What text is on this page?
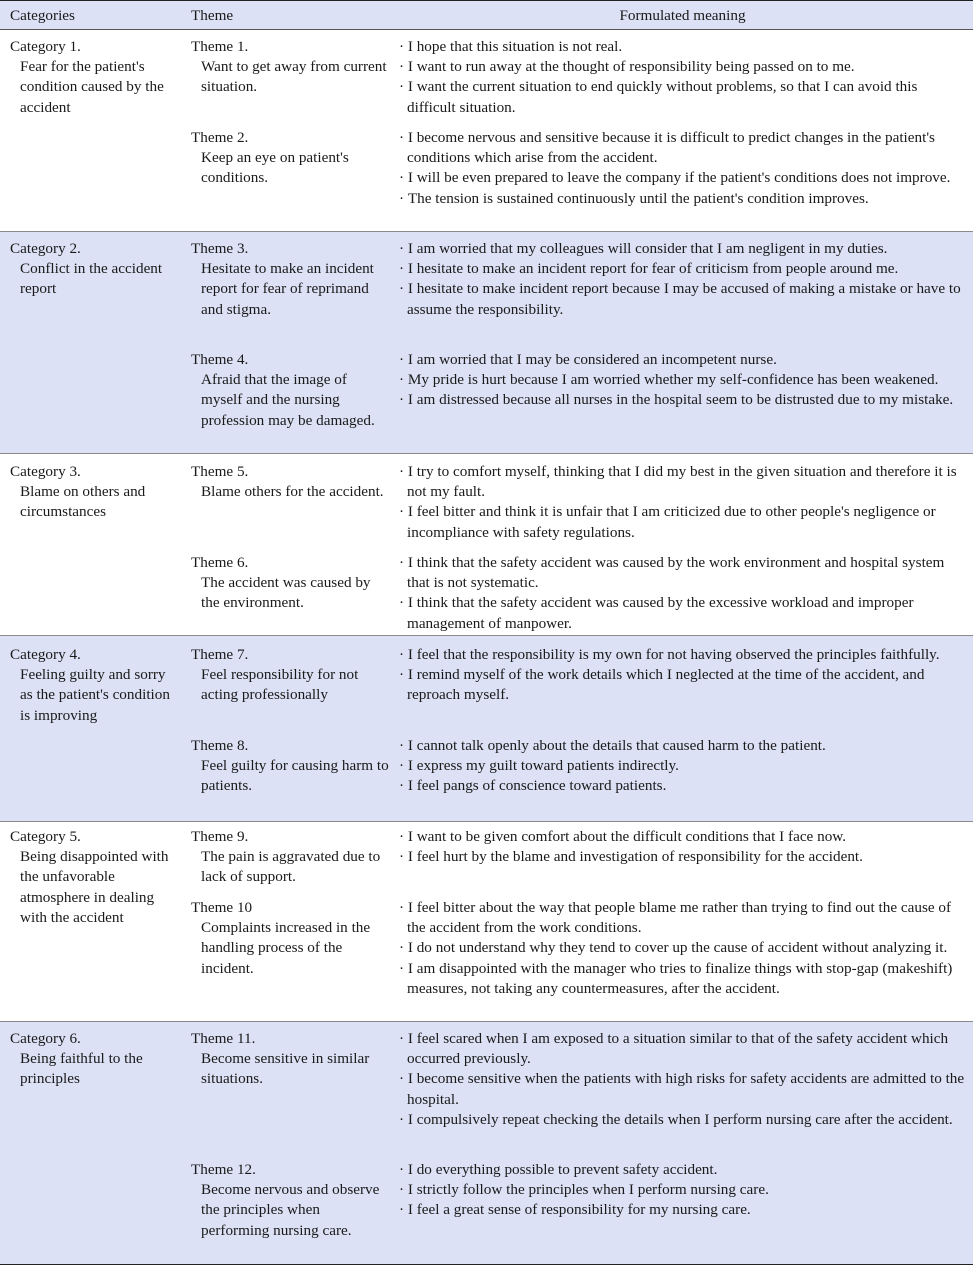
Categories	Theme	Formulated meaning
Category 1.
Fear for the patient's condition caused by the accident
Theme 1.
Want to get away from current situation.
· I hope that this situation is not real.
· I want to run away at the thought of responsibility being passed on to me.
· I want the current situation to end quickly without problems, so that I can avoid this difficult situation.
Theme 2.
Keep an eye on patient's conditions.
· I become nervous and sensitive because it is difficult to predict changes in the patient's conditions which arise from the accident.
· I will be even prepared to leave the company if the patient's conditions does not improve.
· The tension is sustained continuously until the patient's condition improves.
Category 2.
Conflict in the accident report
Theme 3.
Hesitate to make an incident report for fear of reprimand and stigma.
· I am worried that my colleagues will consider that I am negligent in my duties.
· I hesitate to make an incident report for fear of criticism from people around me.
· I hesitate to make incident report because I may be accused of making a mistake or have to assume the responsibility.
Theme 4.
Afraid that the image of myself and the nursing profession may be damaged.
· I am worried that I may be considered an incompetent nurse.
· My pride is hurt because I am worried whether my self-confidence has been weakened.
· I am distressed because all nurses in the hospital seem to be distrusted due to my mistake.
Category 3.
Blame on others and circumstances
Theme 5.
Blame others for the accident.
· I try to comfort myself, thinking that I did my best in the given situation and therefore it is not my fault.
· I feel bitter and think it is unfair that I am criticized due to other people's negligence or incompliance with safety regulations.
Theme 6.
The accident was caused by the environment.
· I think that the safety accident was caused by the work environment and hospital system that is not systematic.
· I think that the safety accident was caused by the excessive workload and improper management of manpower.
Category 4.
Feeling guilty and sorry as the patient's condition is improving
Theme 7.
Feel responsibility for not acting professionally
· I feel that the responsibility is my own for not having observed the principles faithfully.
· I remind myself of the work details which I neglected at the time of the accident, and reproach myself.
Theme 8.
Feel guilty for causing harm to patients.
· I cannot talk openly about the details that caused harm to the patient.
· I express my guilt toward patients indirectly.
· I feel pangs of conscience toward patients.
Category 5.
Being disappointed with the unfavorable atmosphere in dealing with the accident
Theme 9.
The pain is aggravated due to lack of support.
· I want to be given comfort about the difficult conditions that I face now.
· I feel hurt by the blame and investigation of responsibility for the accident.
Theme 10
Complaints increased in the handling process of the incident.
· I feel bitter about the way that people blame me rather than trying to find out the cause of the accident from the work conditions.
· I do not understand why they tend to cover up the cause of accident without analyzing it.
· I am disappointed with the manager who tries to finalize things with stop-gap (makeshift) measures, not taking any countermeasures, after the accident.
Category 6.
Being faithful to the principles
Theme 11.
Become sensitive in similar situations.
· I feel scared when I am exposed to a situation similar to that of the safety accident which occurred previously.
· I become sensitive when the patients with high risks for safety accidents are admitted to the hospital.
· I compulsively repeat checking the details when I perform nursing care after the accident.
Theme 12.
Become nervous and observe the principles when performing nursing care.
· I do everything possible to prevent safety accident.
· I strictly follow the principles when I perform nursing care.
· I feel a great sense of responsibility for my nursing care.
